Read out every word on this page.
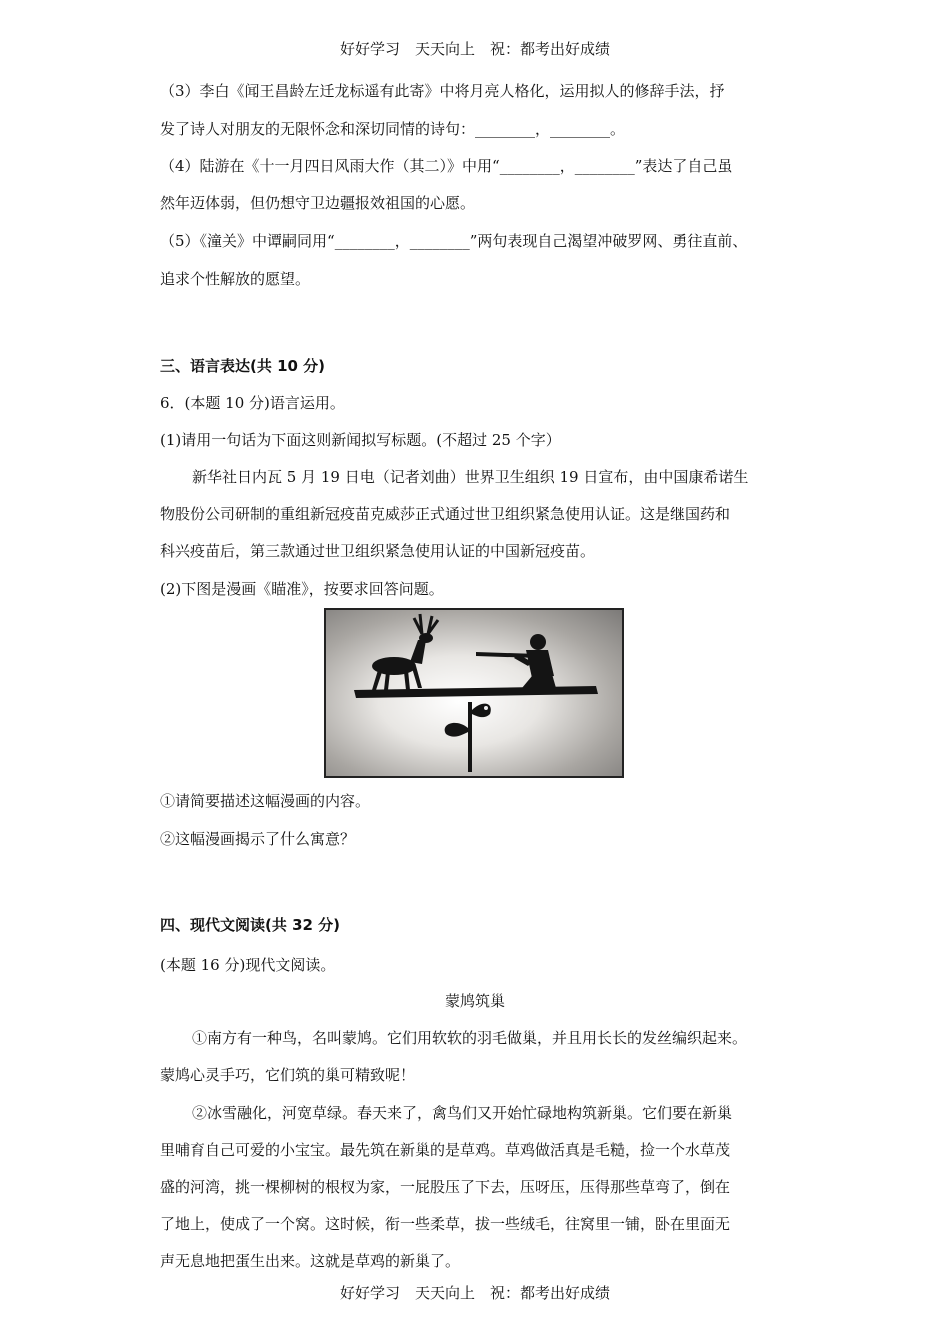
好好学习　天天向上　祝：都考出好成绩

（3）李白《闻王昌龄左迁龙标遥有此寄》中将月亮人格化，运用拟人的修辞手法，抒

发了诗人对朋友的无限怀念和深切同情的诗句：________，________。

（4）陆游在《十一月四日风雨大作（其二）》中用“________，________”表达了自己虽

然年迈体弱，但仍想守卫边疆报效祖国的心愿。

（5）《潼关》中谭嗣同用“________，________”两句表现自己渴望冲破罗网、勇往直前、

追求个性解放的愿望。

三、语言表达(共 10 分)

6．(本题 10 分)语言运用。

(1)请用一句话为下面这则新闻拟写标题。(不超过 25 个字）

新华社日内瓦 5 月 19 日电（记者刘曲）世界卫生组织 19 日宣布，由中国康希诺生

物股份公司研制的重组新冠疫苗克威莎正式通过世卫组织紧急使用认证。这是继国药和

科兴疫苗后，第三款通过世卫组织紧急使用认证的中国新冠疫苗。

(2)下图是漫画《瞄准》，按要求回答问题。

①请简要描述这幅漫画的内容。

②这幅漫画揭示了什么寓意？

四、现代文阅读(共 32 分)

(本题 16 分)现代文阅读。

蒙鸠筑巢

①南方有一种鸟，名叫蒙鸠。它们用软软的羽毛做巢，并且用长长的发丝编织起来。

蒙鸠心灵手巧，它们筑的巢可精致呢！

②冰雪融化，河宽草绿。春天来了，禽鸟们又开始忙碌地构筑新巢。它们要在新巢

里哺育自己可爱的小宝宝。最先筑在新巢的是草鸡。草鸡做活真是毛糙，捡一个水草茂

盛的河湾，挑一棵柳树的根杈为家，一屁股压了下去，压呀压，压得那些草弯了，倒在

了地上，使成了一个窝。这时候，衔一些柔草，拔一些绒毛，往窝里一铺，卧在里面无

声无息地把蛋生出来。这就是草鸡的新巢了。

好好学习　天天向上　祝：都考出好成绩
